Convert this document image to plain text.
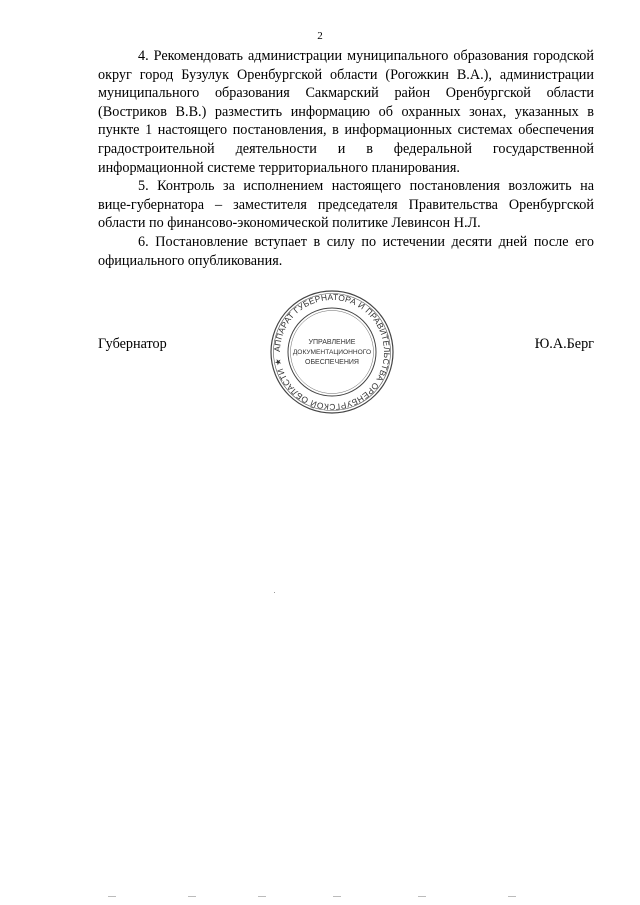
2

4. Рекомендовать администрации муниципального образования городской округ город Бузулук Оренбургской области (Рогожкин В.А.), администрации муниципального образования Сакмарский район Оренбургской области (Востриков В.В.) разместить информацию об охранных зонах, указанных в пункте 1 настоящего постановления, в информационных системах обеспечения градостроительной деятельности и в федеральной государственной информационной системе территориального планирования.

5. Контроль за исполнением настоящего постановления возложить на вице-губернатора – заместителя председателя Правительства Оренбургской области по финансово-экономической политике Левинсон Н.Л.

6. Постановление вступает в силу по истечении десяти дней после его официального опубликования.

АППАРАТ ГУБЕРНАТОРА И ПРАВИТЕЛЬСТВА ОРЕНБУРГСКОЙ ОБЛАСТИ ★
УПРАВЛЕНИЕ
ДОКУМЕНТАЦИОННОГО
ОБЕСПЕЧЕНИЯ
Губернатор	Ю.А.Берг
